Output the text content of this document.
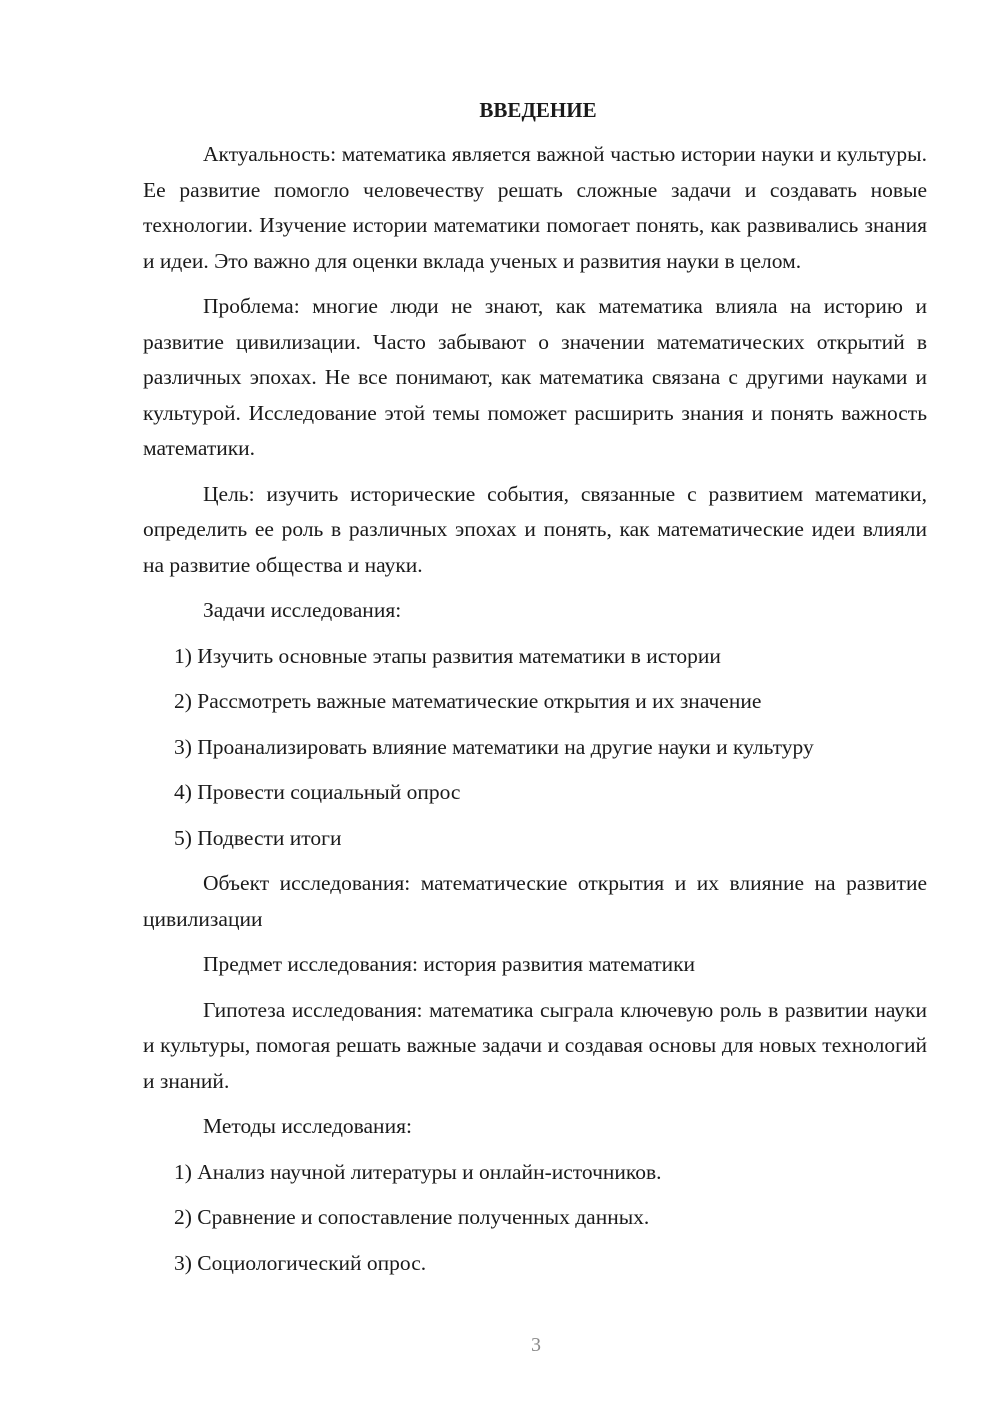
ВВЕДЕНИЕ

Актуальность: математика является важной частью истории науки и культуры. Ее развитие помогло человечеству решать сложные задачи и создавать новые технологии. Изучение истории математики помогает понять, как развивались знания и идеи. Это важно для оценки вклада ученых и развития науки в целом.

Проблема: многие люди не знают, как математика влияла на историю и развитие цивилизации. Часто забывают о значении математических открытий в различных эпохах. Не все понимают, как математика связана с другими науками и культурой. Исследование этой темы поможет расширить знания и понять важность математики.

Цель: изучить исторические события, связанные с развитием математики, определить ее роль в различных эпохах и понять, как математические идеи влияли на развитие общества и науки.

Задачи исследования:

1) Изучить основные этапы развития математики в истории
2) Рассмотреть важные математические открытия и их значение
3) Проанализировать влияние математики на другие науки и культуру
4) Провести социальный опрос
5) Подвести итоги

Объект исследования: математические открытия и их влияние на развитие цивилизации

Предмет исследования: история развития математики

Гипотеза исследования: математика сыграла ключевую роль в развитии науки и культуры, помогая решать важные задачи и создавая основы для новых технологий и знаний.

Методы исследования:

1) Анализ научной литературы и онлайн-источников.
2) Сравнение и сопоставление полученных данных.
3) Социологический опрос.
3
